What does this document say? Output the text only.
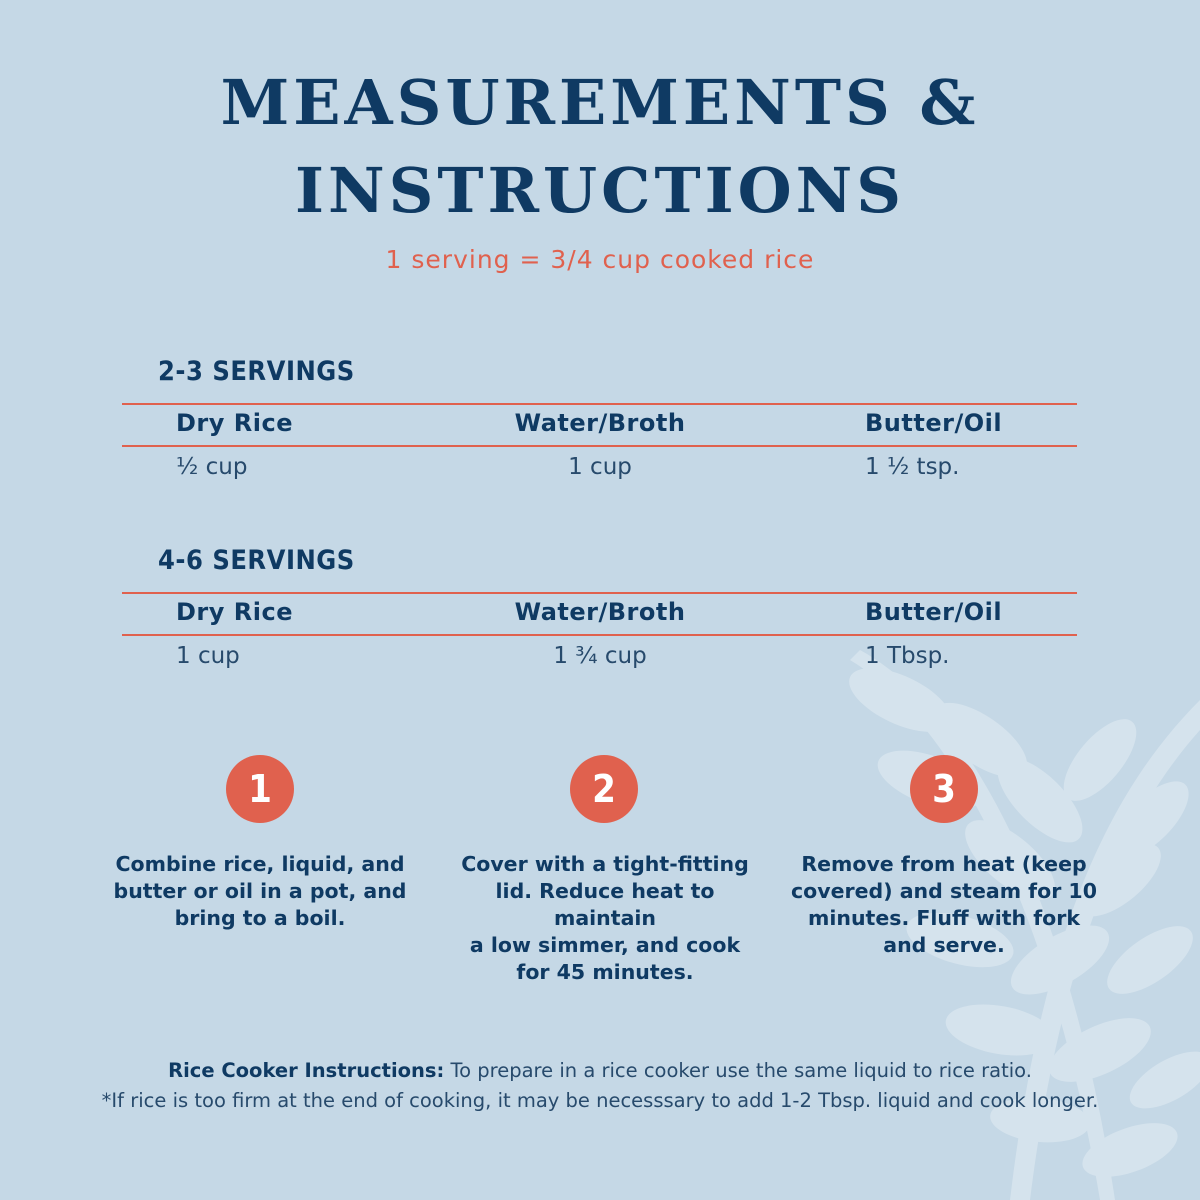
MEASUREMENTS &
INSTRUCTIONS
1 serving = 3/4 cup cooked rice
2-3 SERVINGS
Dry Rice	Water/Broth	Butter/Oil
½ cup	1 cup	1 ½ tsp.
4-6 SERVINGS
Dry Rice	Water/Broth	Butter/Oil
1 cup	1 ¾ cup	1 Tbsp.
1
Combine rice, liquid, and
butter or oil in a pot, and
bring to a boil.
2
Cover with a tight-fitting
lid. Reduce heat to maintain
a low simmer, and cook
for 45 minutes.
3
Remove from heat (keep
covered) and steam for 10
minutes. Fluff with fork
and serve.
Rice Cooker Instructions: To prepare in a rice cooker use the same liquid to rice ratio.
*If rice is too firm at the end of cooking, it may be necesssary to add 1-2 Tbsp. liquid and cook longer.
